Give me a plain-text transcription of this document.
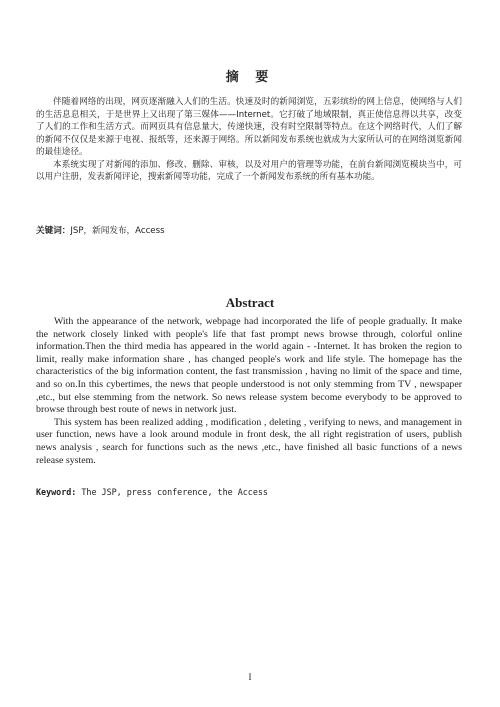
摘 要

伴随着网络的出现，网页逐渐融入人们的生活。快速及时的新闻浏览，五彩缤纷的网上信息，使网络与人们的生活息息相关，于是世界上又出现了第三媒体——Internet。它打破了地域限制，真正使信息得以共享，改变了人们的工作和生活方式。而网页具有信息量大，传递快速，没有时空限制等特点。在这个网络时代，人们了解的新闻不仅仅是来源于电视、报纸等，还来源于网络。所以新闻发布系统也就成为大家所认可的在网络浏览新闻的最佳途径。

本系统实现了对新闻的添加、修改、删除、审核，以及对用户的管理等功能，在前台新闻浏览模块当中，可以用户注册，发表新闻评论，搜索新闻等功能，完成了一个新闻发布系统的所有基本功能。

关键词：JSP，新闻发布，Access
Abstract

With the appearance of the network, webpage had incorporated the life of people gradually. It make the network closely linked with people's life that fast prompt news browse through, colorful online information.Then the third media has appeared in the world again - -Internet. It has broken the region to limit, really make information share , has changed people's work and life style. The homepage has the characteristics of the big information content, the fast transmission , having no limit of the space and time, and so on.In this cybertimes, the news that people understood is not only stemming from TV , newspaper ,etc., but else stemming from the network. So news release system become everybody to be approved to browse through best route of news in network just.

This system has been realized adding , modification , deleting , verifying to news, and management in user function, news have a look around module in front desk, the all right registration of users, publish news analysis , search for functions such as the news ,etc., have finished all basic functions of a news release system.

Keyword: The JSP, press conference, the Access
I
